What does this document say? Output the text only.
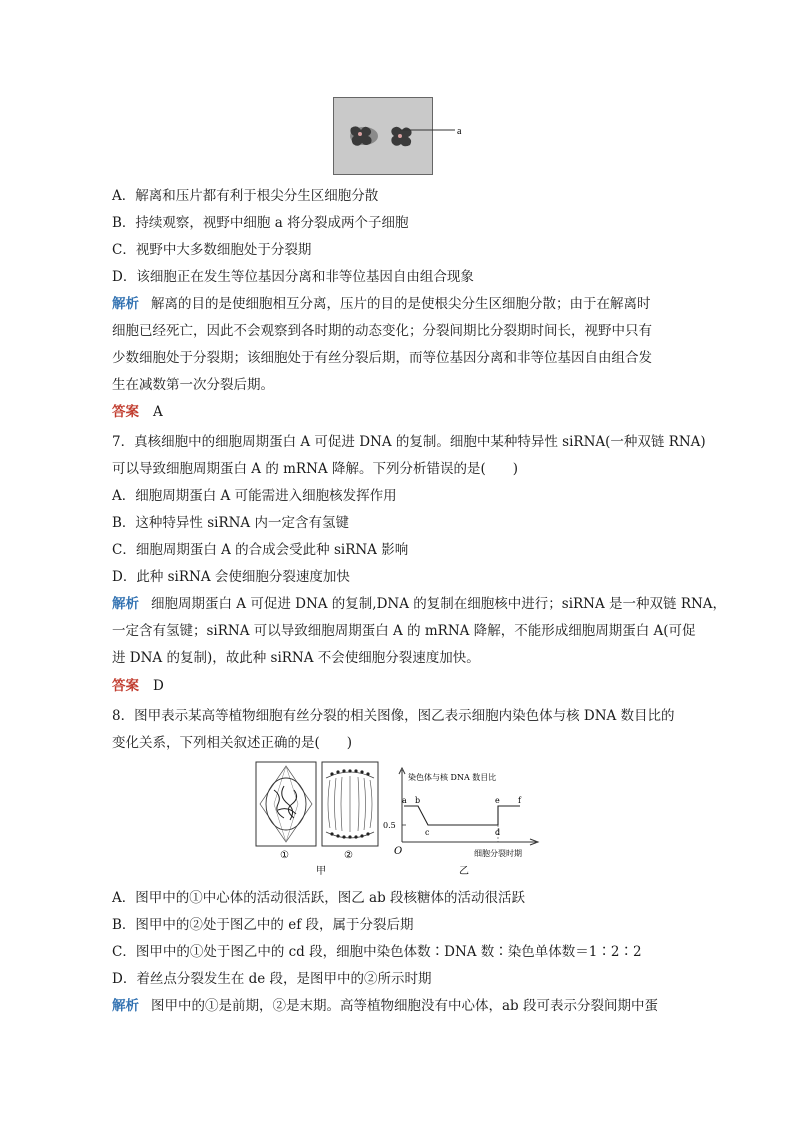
a
A．解离和压片都有利于根尖分生区细胞分散
B．持续观察，视野中细胞 a 将分裂成两个子细胞
C．视野中大多数细胞处于分裂期
D．该细胞正在发生等位基因分离和非等位基因自由组合现象
解析 解离的目的是使细胞相互分离，压片的目的是使根尖分生区细胞分散；由于在解离时
细胞已经死亡，因此不会观察到各时期的动态变化；分裂间期比分裂期时间长，视野中只有
少数细胞处于分裂期；该细胞处于有丝分裂后期，而等位基因分离和非等位基因自由组合发
生在减数第一次分裂后期。
答案 A
7．真核细胞中的细胞周期蛋白 A 可促进 DNA 的复制。细胞中某种特异性 siRNA(一种双链 RNA)
可以导致细胞周期蛋白 A 的 mRNA 降解。下列分析错误的是(　　)
A．细胞周期蛋白 A 可能需进入细胞核发挥作用
B．这种特异性 siRNA 内一定含有氢键
C．细胞周期蛋白 A 的合成会受此种 siRNA 影响
D．此种 siRNA 会使细胞分裂速度加快
解析 细胞周期蛋白 A 可促进 DNA 的复制,DNA 的复制在细胞核中进行；siRNA 是一种双链 RNA，
一定含有氢键；siRNA 可以导致细胞周期蛋白 A 的 mRNA 降解，不能形成细胞周期蛋白 A(可促
进 DNA 的复制)，故此种 siRNA 不会使细胞分裂速度加快。
答案 D
8．图甲表示某高等植物细胞有丝分裂的相关图像，图乙表示细胞内染色体与核 DNA 数目比的
变化关系，下列相关叙述正确的是(　　)
①	②
甲
染色体与核 DNA 数目比
细胞分裂时期
O
0.5
a b
c	d
e f
乙
A．图甲中的①中心体的活动很活跃，图乙 ab 段核糖体的活动很活跃
B．图甲中的②处于图乙中的 ef 段，属于分裂后期
C．图甲中的①处于图乙中的 cd 段，细胞中染色体数∶DNA 数∶染色单体数＝1∶2∶2
D．着丝点分裂发生在 de 段，是图甲中的②所示时期
解析 图甲中的①是前期，②是末期。高等植物细胞没有中心体，ab 段可表示分裂间期中蛋
